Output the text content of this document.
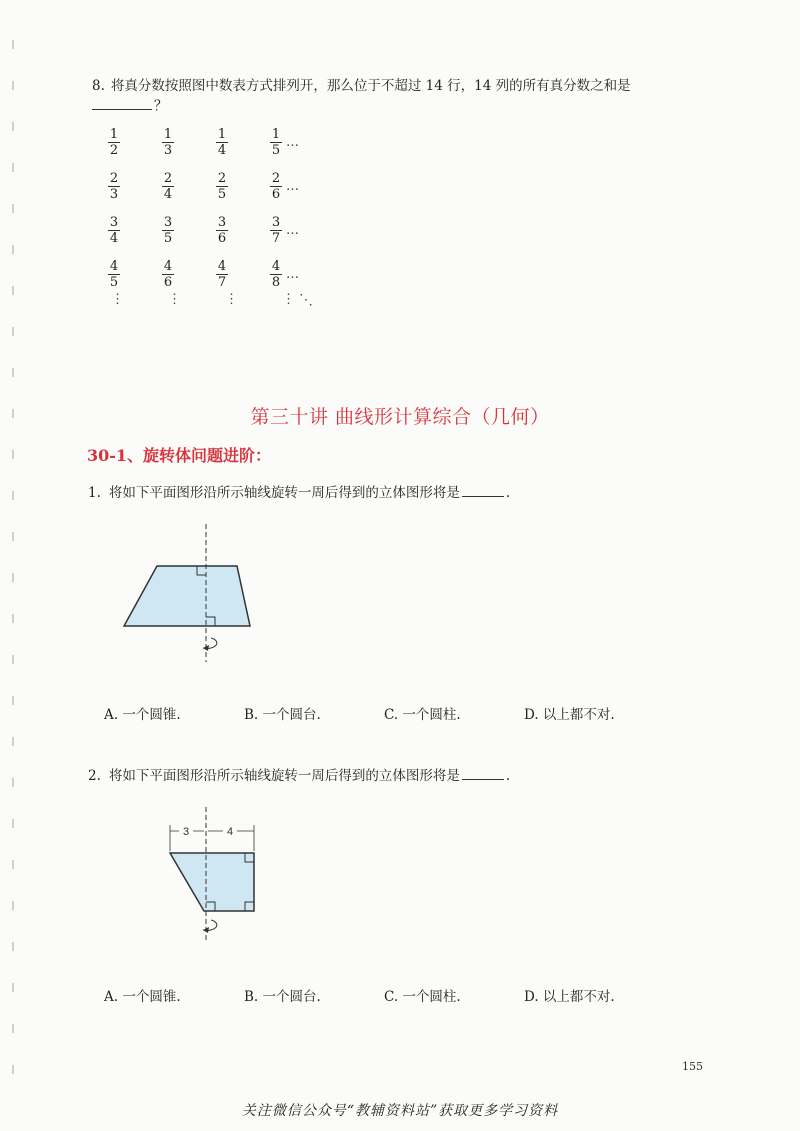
8. 将真分数按照图中数表方式排列开，那么位于不超过 14 行，14 列的所有真分数之和是
？
$\frac{1}{2}$	$\frac{1}{3}$	$\frac{1}{4}$	$\frac{1}{5}$ …
$\frac{2}{3}$	$\frac{2}{4}$	$\frac{2}{5}$	$\frac{2}{6}$ …
$\frac{3}{4}$	$\frac{3}{5}$	$\frac{3}{6}$	$\frac{3}{7}$ …
$\frac{4}{5}$	$\frac{4}{6}$	$\frac{4}{7}$	$\frac{4}{8}$ …
⋮	⋮	⋮	⋮ ⋱
第三十讲 曲线形计算综合（几何）
30-1、旋转体问题进阶：
1. 将如下平面图形沿所示轴线旋转一周后得到的立体图形将是	.
A. 一个圆锥.	B. 一个圆台.	C. 一个圆柱.	D. 以上都不对.
2. 将如下平面图形沿所示轴线旋转一周后得到的立体图形将是	.
3	4
A. 一个圆锥.	B. 一个圆台.	C. 一个圆柱.	D. 以上都不对.
155
关注微信公众号“教辅资料站”获取更多学习资料
